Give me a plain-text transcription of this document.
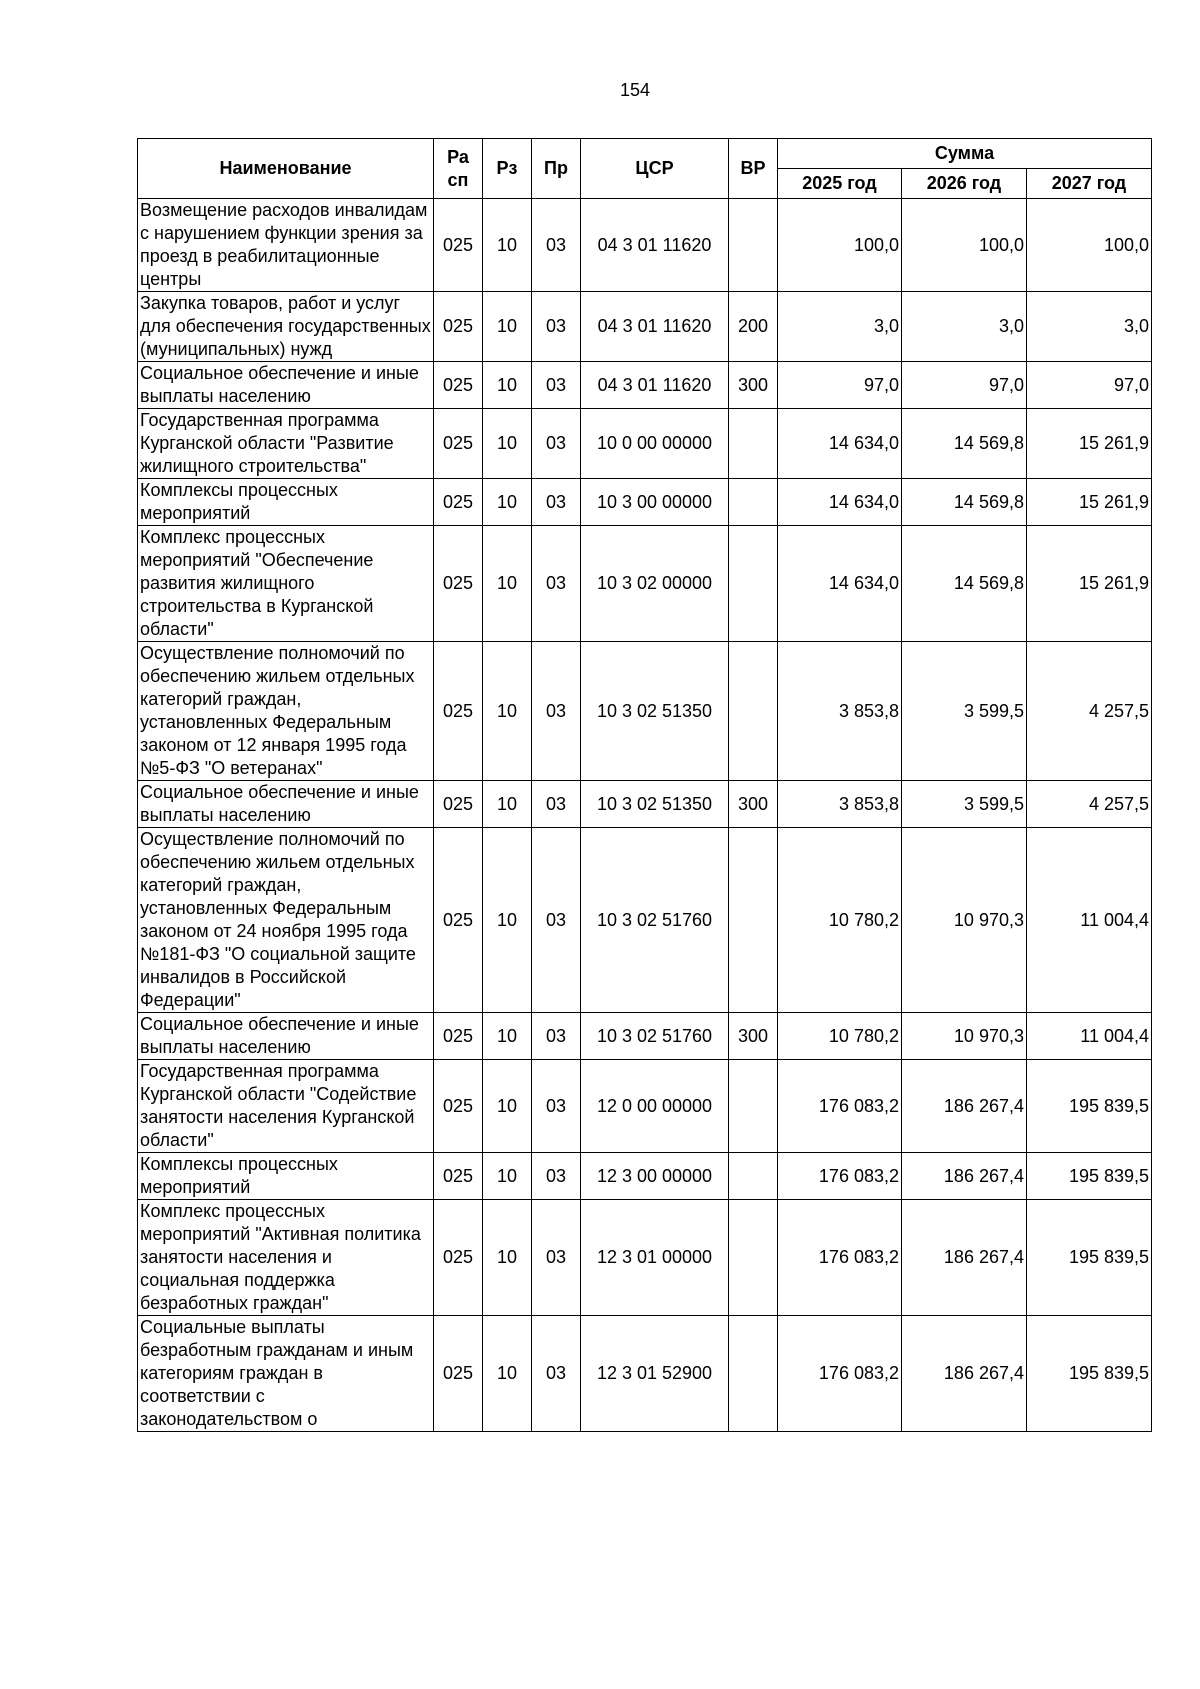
154
Наименование	Ра сп	Рз	Пр	ЦСР	ВР	Сумма		
						2025 год	2026 год	2027 год
Возмещение расходов инвалидам с нарушением функции зрения за проезд в реабилитационные центры	025	10	03	04 3 01 11620		100,0	100,0	100,0
Закупка товаров, работ и услуг для обеспечения государственных (муниципальных) нужд	025	10	03	04 3 01 11620	200	3,0	3,0	3,0
Социальное обеспечение и иные выплаты населению	025	10	03	04 3 01 11620	300	97,0	97,0	97,0
Государственная программа Курганской области "Развитие жилищного строительства"	025	10	03	10 0 00 00000		14 634,0	14 569,8	15 261,9
Комплексы процессных мероприятий	025	10	03	10 3 00 00000		14 634,0	14 569,8	15 261,9
Комплекс процессных мероприятий "Обеспечение развития жилищного строительства в Курганской области"	025	10	03	10 3 02 00000		14 634,0	14 569,8	15 261,9
Осуществление полномочий по обеспечению жильем отдельных категорий граждан, установленных Федеральным законом от 12 января 1995 года №5-ФЗ "О ветеранах"	025	10	03	10 3 02 51350		3 853,8	3 599,5	4 257,5
Социальное обеспечение и иные выплаты населению	025	10	03	10 3 02 51350	300	3 853,8	3 599,5	4 257,5
Осуществление полномочий по обеспечению жильем отдельных категорий граждан, установленных Федеральным законом от 24 ноября 1995 года №181-ФЗ "О социальной защите инвалидов в Российской Федерации"	025	10	03	10 3 02 51760		10 780,2	10 970,3	11 004,4
Социальное обеспечение и иные выплаты населению	025	10	03	10 3 02 51760	300	10 780,2	10 970,3	11 004,4
Государственная программа Курганской области "Содействие занятости населения Курганской области"	025	10	03	12 0 00 00000		176 083,2	186 267,4	195 839,5
Комплексы процессных мероприятий	025	10	03	12 3 00 00000		176 083,2	186 267,4	195 839,5
Комплекс процессных мероприятий "Активная политика занятости населения и социальная поддержка безработных граждан"	025	10	03	12 3 01 00000		176 083,2	186 267,4	195 839,5
Социальные выплаты безработным гражданам и иным категориям граждан в соответствии с законодательством о	025	10	03	12 3 01 52900		176 083,2	186 267,4	195 839,5
